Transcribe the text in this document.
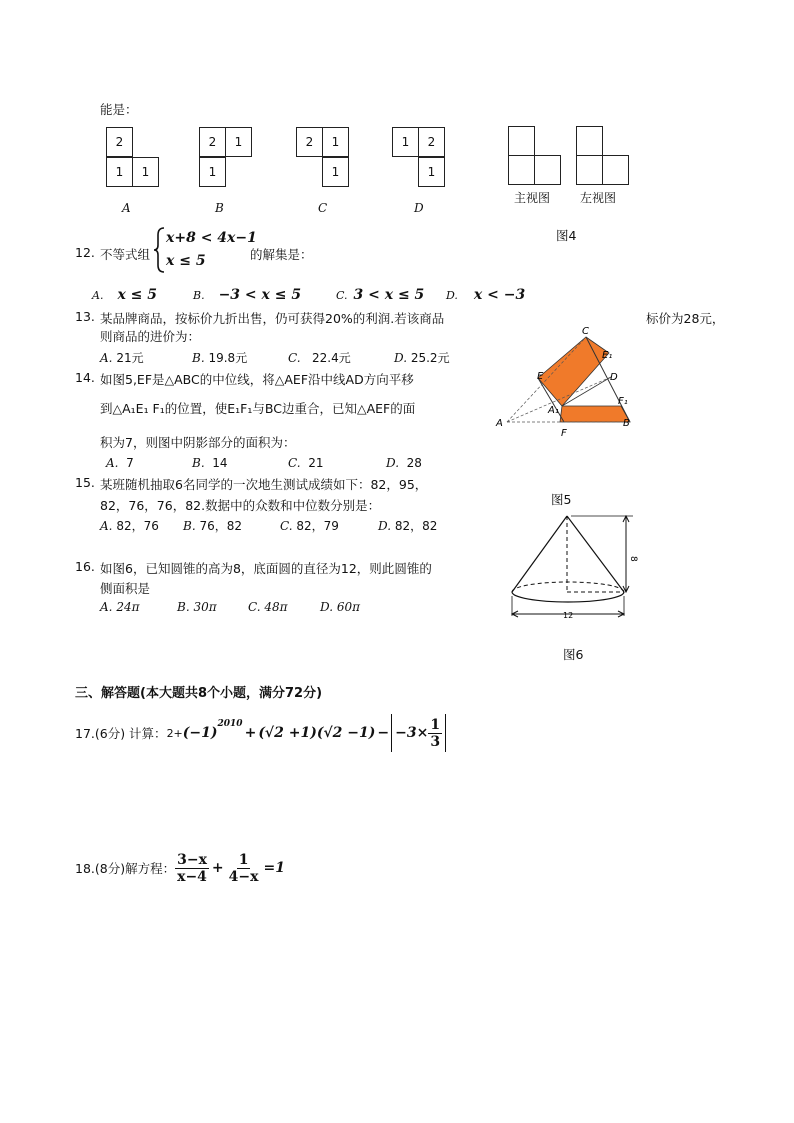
能是：
2
1	1
A
2	1
1
B
2	1
1
C
1	2
1
D
主视图 左视图
图4
12. 不等式组
x+8 < 4x−1
x ≤ 5	的解集是：
A. x ≤ 5	B. −3 < x ≤ 5	C. 3 < x ≤ 5 D. x < −3
13. 某品牌商品，按标价九折出售，仍可获得20%的利润.若该商品	标价为28元，
则商品的进价为：
A. 21元	B. 19.8元	C. 22.4元	D. 25.2元
14. 如图5,EF是△ABC的中位线，将△AEF沿中线AD方向平移
到△A₁E₁ F₁的位置，使E₁F₁与BC边重合，已知△AEF的面
积为7，则图中阴影部分的面积为：
A. 7	B. 14	C. 21	D. 28
C
E₁
D
E
A₁
F₁
A
F
B
图5
15. 某班随机抽取6名同学的一次地生测试成绩如下：82，95，
82，76，76，82.数据中的众数和中位数分别是：
A. 82，76 B. 76，82	C. 82，79	D. 82，82
16. 如图6，已知圆锥的高为8，底面圆的直径为12，则此圆锥的
侧面积是
A. 24π	B. 30π	C. 48π	D. 60π
8
12
图6
三、解答题(本大题共8个小题，满分72分)
17.(6分) 计算： 2+ (−1)
2010
+ (√2 +1) $(√2 -1) - -3\times \frac{1}{3}$
18.(8分)解方程： $\frac{3-x}{x-4} + \frac{1}{4-x} =1$
